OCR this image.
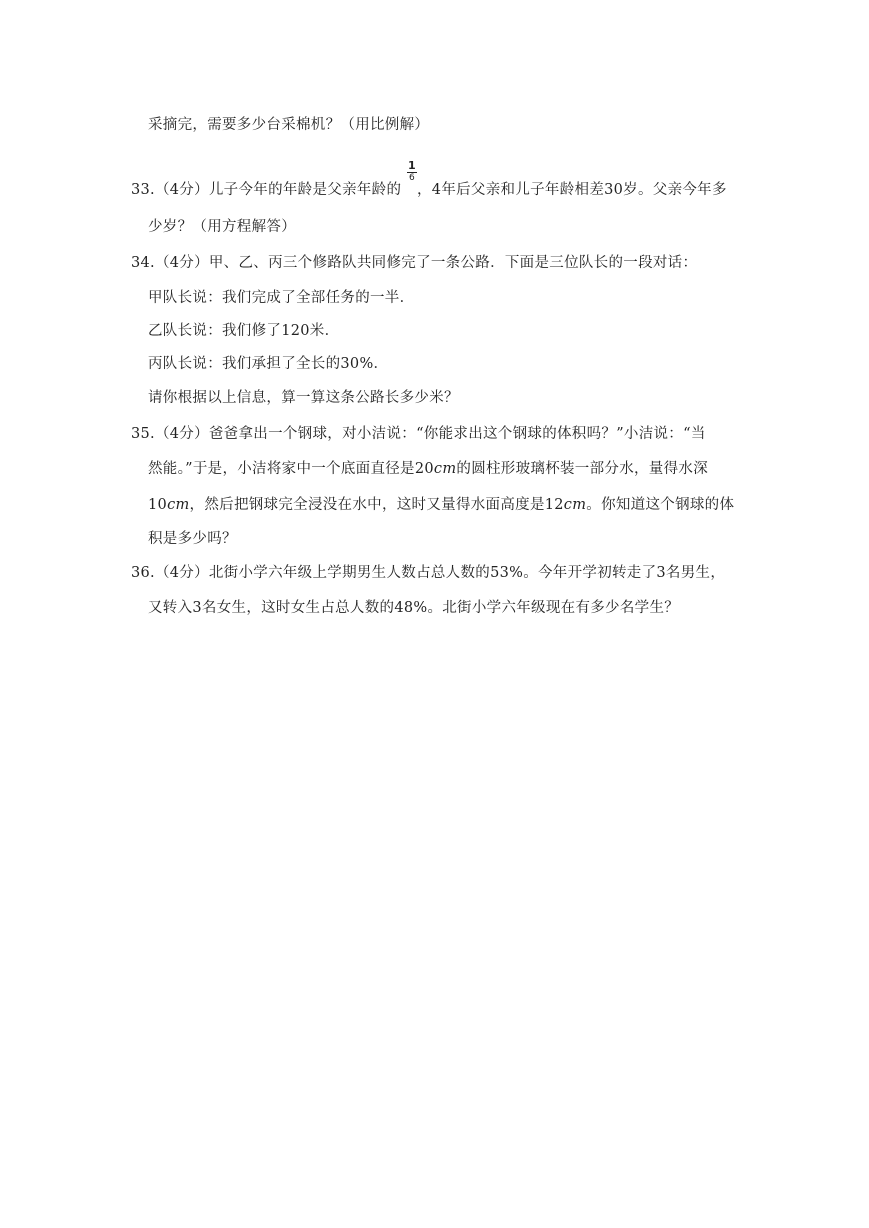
采摘完，需要多少台采棉机？（用比例解）
33.（4分）儿子今年的年龄是父亲年龄的
1
6
，4年后父亲和儿子年龄相差30岁。父亲今年多
少岁？（用方程解答）
34.（4分）甲、乙、丙三个修路队共同修完了一条公路．下面是三位队长的一段对话：
甲队长说：我们完成了全部任务的一半．
乙队长说：我们修了120米．
丙队长说：我们承担了全长的30%．
请你根据以上信息，算一算这条公路长多少米？
35.（4分）爸爸拿出一个钢球，对小洁说：“你能求出这个钢球的体积吗？”小洁说：“当
然能。”于是，小洁将家中一个底面直径是20cm的圆柱形玻璃杯装一部分水，量得水深
10cm，然后把钢球完全浸没在水中，这时又量得水面高度是12cm。你知道这个钢球的体
积是多少吗？
36.（4分）北街小学六年级上学期男生人数占总人数的53%。今年开学初转走了3名男生，
又转入3名女生，这时女生占总人数的48%。北街小学六年级现在有多少名学生？
